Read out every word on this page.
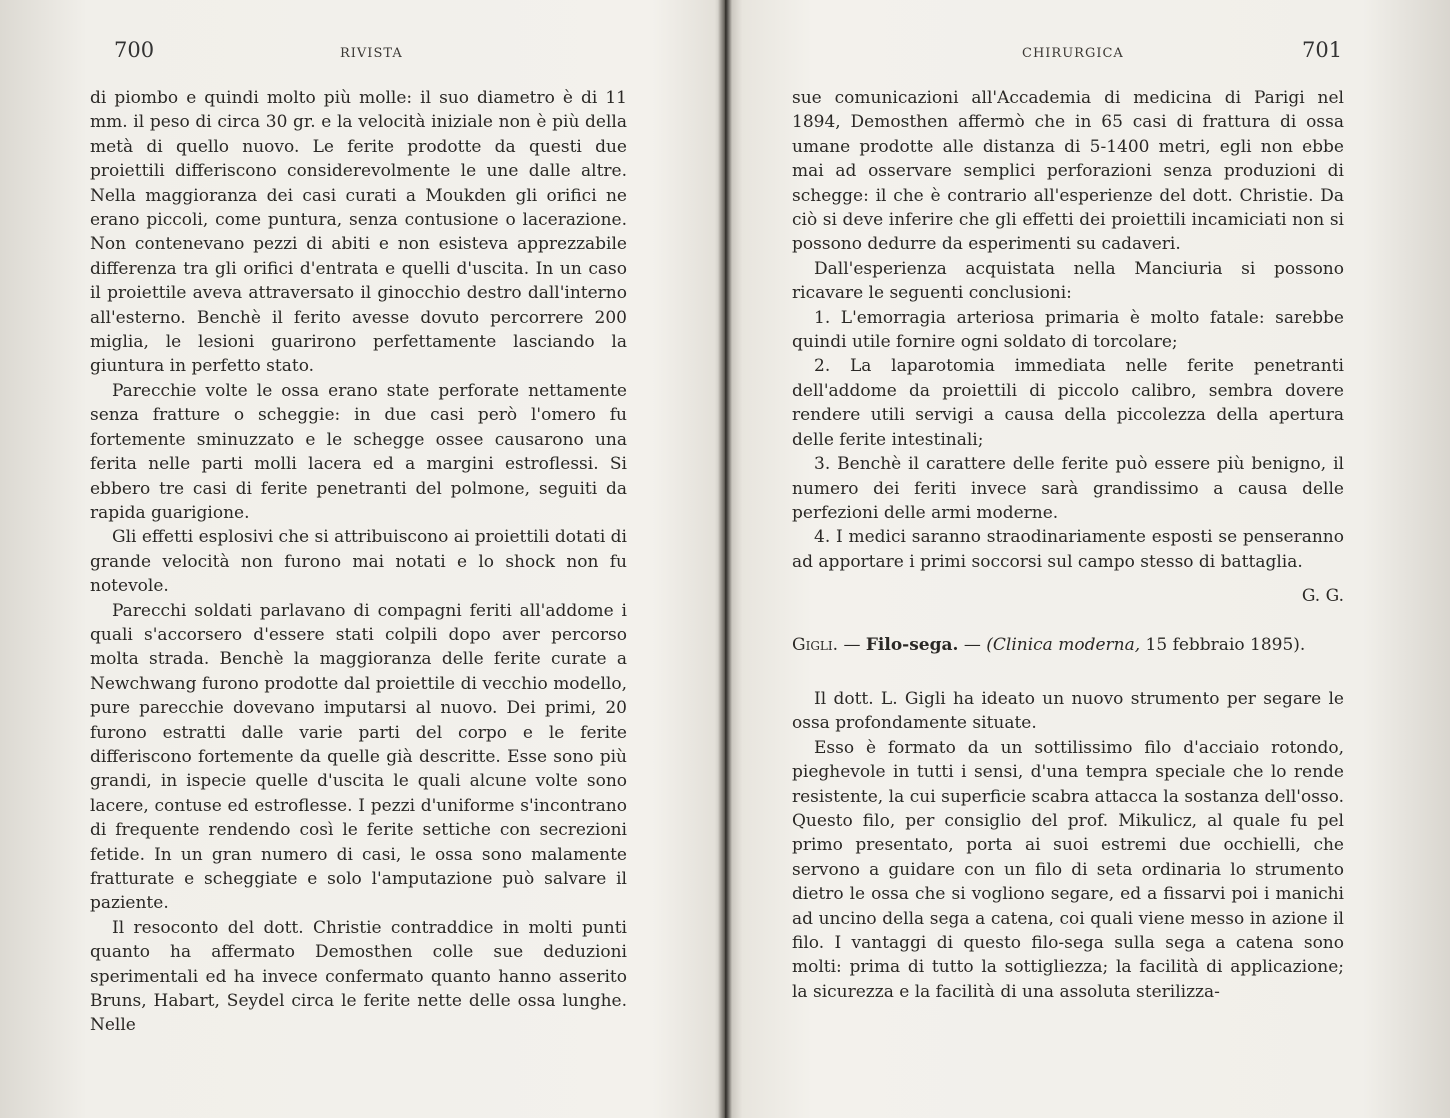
700	RIVISTA

di piombo e quindi molto più molle: il suo diametro è di 11 mm. il peso di circa 30 gr. e la velocità iniziale non è più della metà di quello nuovo. Le ferite prodotte da questi due proiettili differiscono considerevolmente le une dalle altre. Nella maggioranza dei casi curati a Moukden gli orifici ne erano piccoli, come puntura, senza contusione o lacerazione. Non contenevano pezzi di abiti e non esisteva apprezzabile differenza tra gli orifici d'entrata e quelli d'uscita. In un caso il proiettile aveva attraversato il ginocchio destro dall'interno all'esterno. Benchè il ferito avesse dovuto percorrere 200 miglia, le lesioni guarirono perfettamente lasciando la giuntura in perfetto stato.

Parecchie volte le ossa erano state perforate nettamente senza fratture o scheggie: in due casi però l'omero fu fortemente sminuzzato e le schegge ossee causarono una ferita nelle parti molli lacera ed a margini estroflessi. Si ebbero tre casi di ferite penetranti del polmone, seguiti da rapida guarigione.

Gli effetti esplosivi che si attribuiscono ai proiettili dotati di grande velocità non furono mai notati e lo shock non fu notevole.

Parecchi soldati parlavano di compagni feriti all'addome i quali s'accorsero d'essere stati colpili dopo aver percorso molta strada. Benchè la maggioranza delle ferite curate a Newchwang furono prodotte dal proiettile di vecchio modello, pure parecchie dovevano imputarsi al nuovo. Dei primi, 20 furono estratti dalle varie parti del corpo e le ferite differiscono fortemente da quelle già descritte. Esse sono più grandi, in ispecie quelle d'uscita le quali alcune volte sono lacere, contuse ed estroflesse. I pezzi d'uniforme s'incontrano di frequente rendendo così le ferite settiche con secrezioni fetide. In un gran numero di casi, le ossa sono malamente fratturate e scheggiate e solo l'amputazione può salvare il paziente.

Il resoconto del dott. Christie contraddice in molti punti quanto ha affermato Demosthen colle sue deduzioni sperimentali ed ha invece confermato quanto hanno asserito Bruns, Habart, Seydel circa le ferite nette delle ossa lunghe. Nelle

CHIRURGICA	701

sue comunicazioni all'Accademia di medicina di Parigi nel 1894, Demosthen affermò che in 65 casi di frattura di ossa umane prodotte alle distanza di 5-1400 metri, egli non ebbe mai ad osservare semplici perforazioni senza produzioni di schegge: il che è contrario all'esperienze del dott. Christie. Da ciò si deve inferire che gli effetti dei proiettili incamiciati non si possono dedurre da esperimenti su cadaveri.

Dall'esperienza acquistata nella Manciuria si possono ricavare le seguenti conclusioni:

1. L'emorragia arteriosa primaria è molto fatale: sarebbe quindi utile fornire ogni soldato di torcolare;

2. La laparotomia immediata nelle ferite penetranti dell'addome da proiettili di piccolo calibro, sembra dovere rendere utili servigi a causa della piccolezza della apertura delle ferite intestinali;

3. Benchè il carattere delle ferite può essere più benigno, il numero dei feriti invece sarà grandissimo a causa delle perfezioni delle armi moderne.

4. I medici saranno straodinariamente esposti se penseranno ad apportare i primi soccorsi sul campo stesso di battaglia.

G. G.

Gigli. — Filo-sega. — (Clinica moderna, 15 febbraio 1895).

Il dott. L. Gigli ha ideato un nuovo strumento per segare le ossa profondamente situate.

Esso è formato da un sottilissimo filo d'acciaio rotondo, pieghevole in tutti i sensi, d'una tempra speciale che lo rende resistente, la cui superficie scabra attacca la sostanza dell'osso. Questo filo, per consiglio del prof. Mikulicz, al quale fu pel primo presentato, porta ai suoi estremi due occhielli, che servono a guidare con un filo di seta ordinaria lo strumento dietro le ossa che si vogliono segare, ed a fissarvi poi i manichi ad uncino della sega a catena, coi quali viene messo in azione il filo. I vantaggi di questo filo-sega sulla sega a catena sono molti: prima di tutto la sottigliezza; la facilità di applicazione; la sicurezza e la facilità di una assoluta sterilizza-
